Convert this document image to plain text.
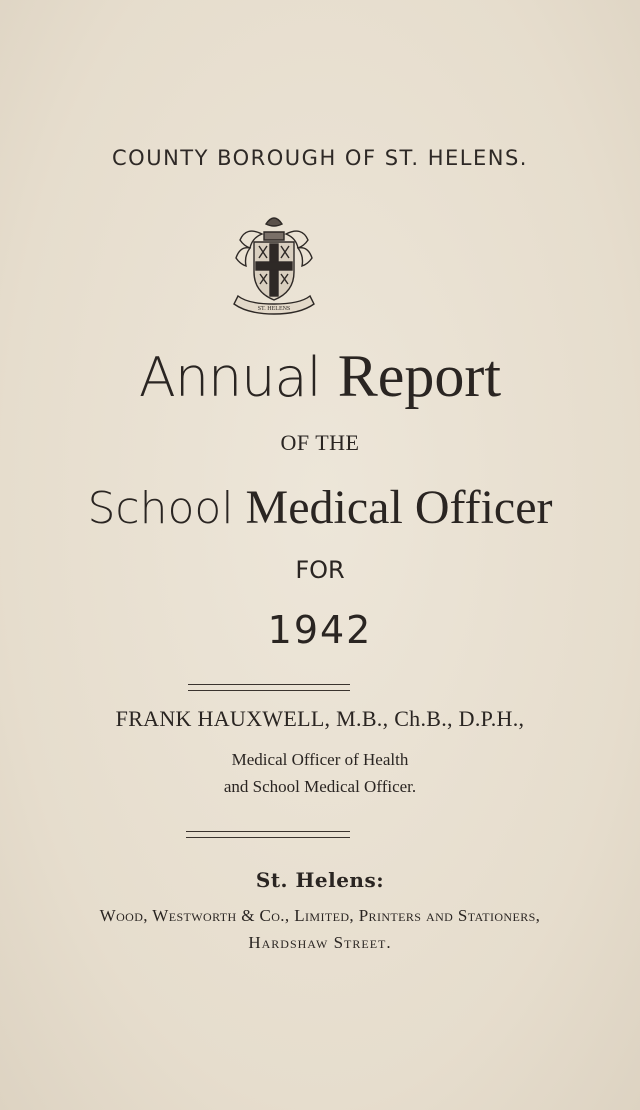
COUNTY BOROUGH OF ST. HELENS.
ST. HELENS
Annual Report
OF THE
School Medical Officer
FOR
1942
FRANK HAUXWELL, M.B., Ch.B., D.P.H.,
Medical Officer of Health
and School Medical Officer.
St. Helens:
Wood, Westworth & Co., Limited, Printers and Stationers,
Hardshaw Street.
